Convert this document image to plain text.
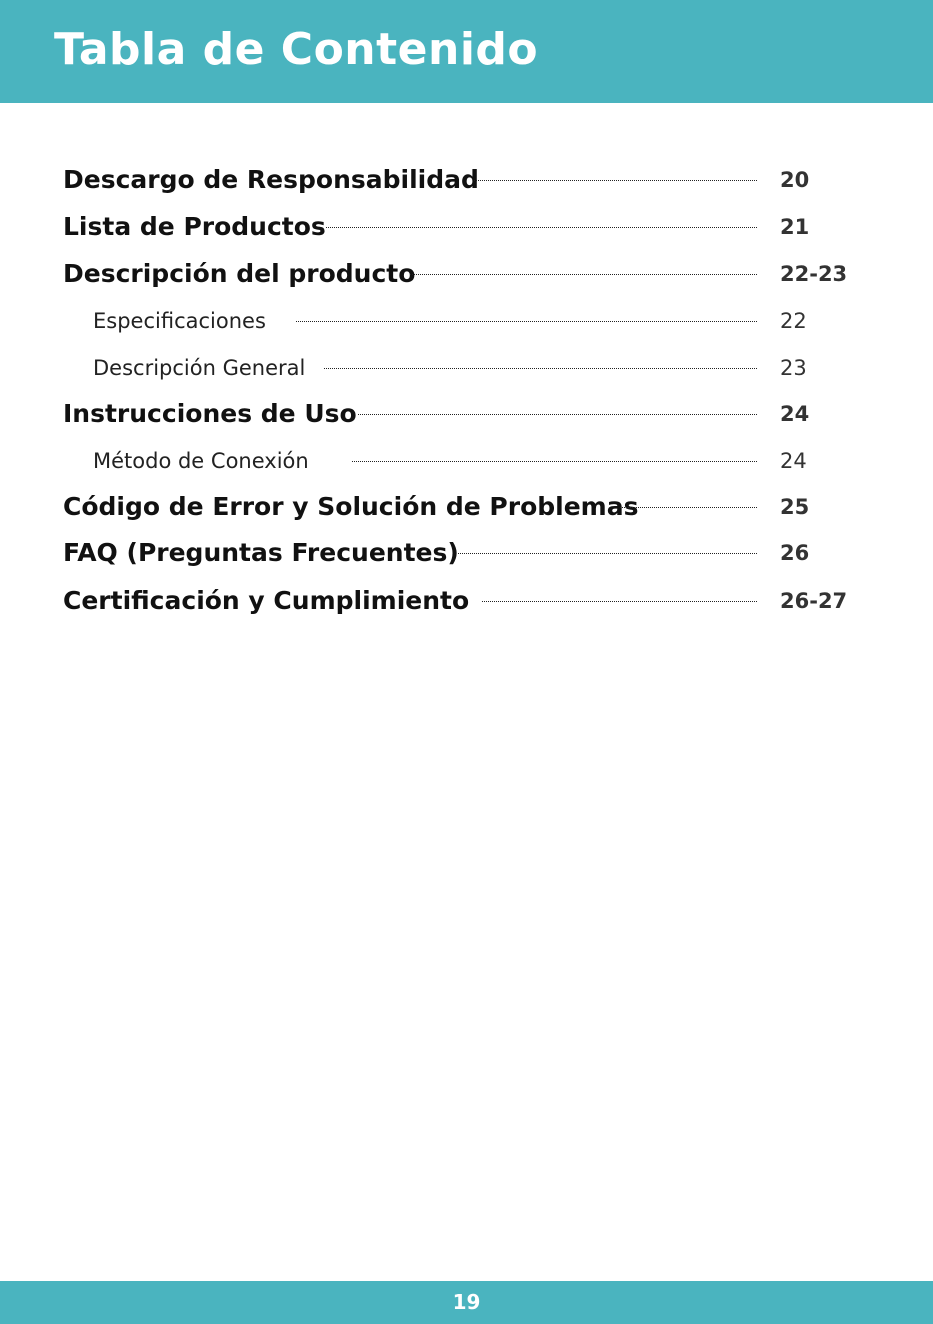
Tabla de Contenido
Descargo de Responsabilidad	20
Lista de Productos	21
Descripción del producto	22-23
Especificaciones	22
Descripción General	23
Instrucciones de Uso	24
Método de Conexión	24
Código de Error y Solución de Problemas	25
FAQ (Preguntas Frecuentes)	26
Certificación y Cumplimiento	26-27
19
